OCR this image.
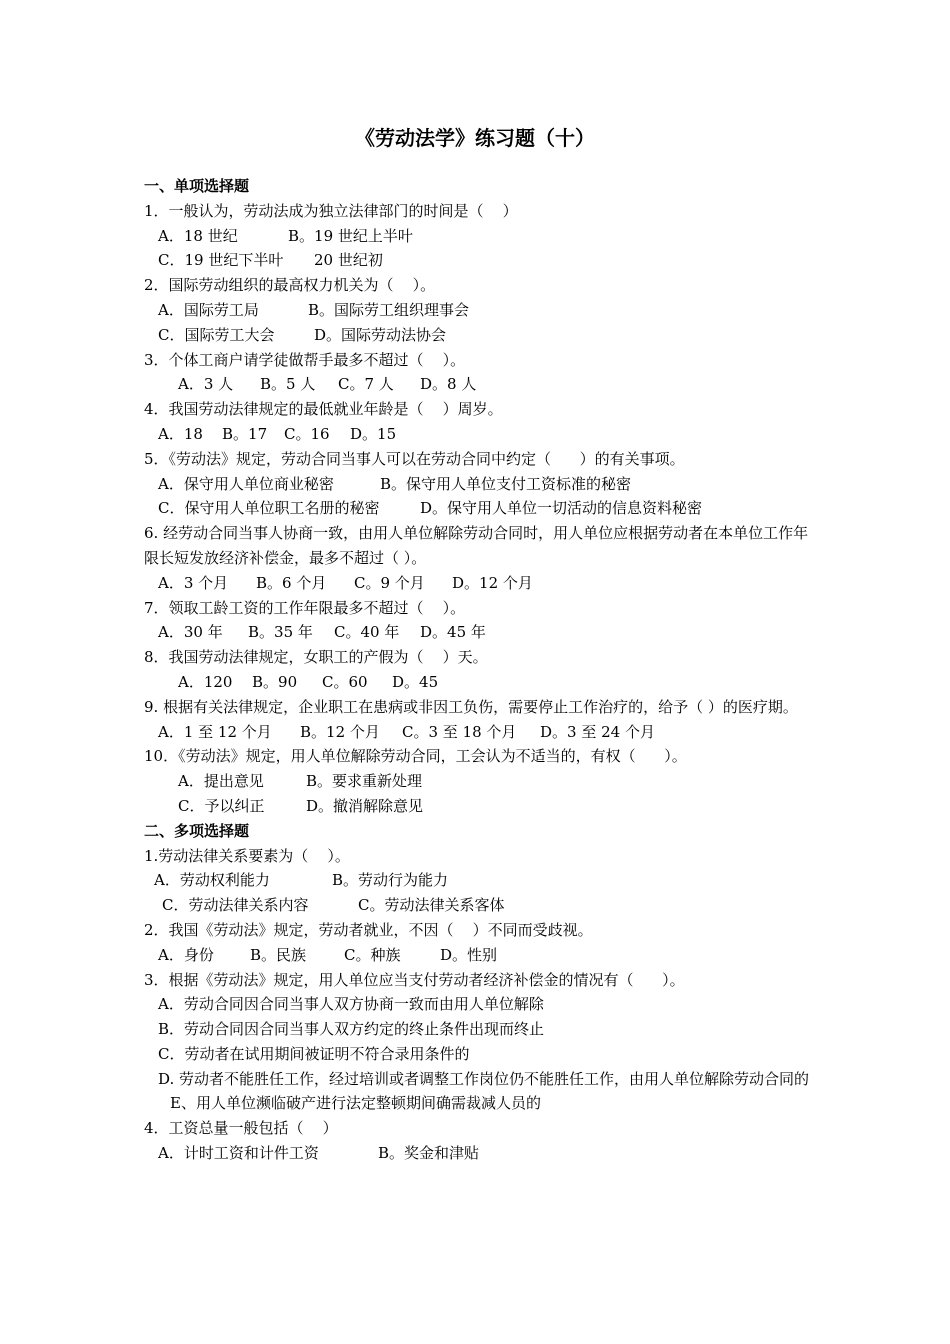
《劳动法学》练习题（十）
一、单项选择题
1．一般认为，劳动法成为独立法律部门的时间是（    ）
A．18 世纪	B。19 世纪上半叶
C．19 世纪下半叶 20 世纪初
2．国际劳动组织的最高权力机关为（    ）。
A．国际劳工局	B。国际劳工组织理事会
C．国际劳工大会	D。国际劳动法协会
3．个体工商户请学徒做帮手最多不超过（    ）。
A．3 人 B。5 人 C。7 人 D。8 人
4．我国劳动法律规定的最低就业年龄是（    ）周岁。
A．18 B。17 C。16 D。15
5．《劳动法》规定，劳动合同当事人可以在劳动合同中约定（      ）的有关事项。
A．保守用人单位商业秘密	B。保守用人单位支付工资标准的秘密
C．保守用人单位职工名册的秘密	D。保守用人单位一切活动的信息资料秘密
6. 经劳动合同当事人协商一致，由用人单位解除劳动合同时，用人单位应根据劳动者在本单位工作年限长短发放经济补偿金，最多不超过（ ）。
A．3 个月 B。6 个月 C。9 个月 D。12 个月
7．领取工龄工资的工作年限最多不超过（    ）。
A．30 年 B。35 年 C。40 年 D。45 年
8．我国劳动法律规定，女职工的产假为（    ）天。
A．120 B。90 C。60 D。45
9. 根据有关法律规定，企业职工在患病或非因工负伤，需要停止工作治疗的，给予（ ）的医疗期。
A．1 至 12 个月 B。12 个月 C。3 至 18 个月 D。3 至 24 个月
10．《劳动法》规定，用人单位解除劳动合同，工会认为不适当的，有权（      ）。
A．提出意见	B。要求重新处理
C．予以纠正	D。撤消解除意见
二、多项选择题
1.劳动法律关系要素为（    ）。
A．劳动权利能力	B。劳动行为能力
C．劳动法律关系内容	C。劳动法律关系客体
2．我国《劳动法》规定，劳动者就业，不因（    ）不同而受歧视。
A．身份 B。民族	C。种族	D。性别
3．根据《劳动法》规定，用人单位应当支付劳动者经济补偿金的情况有（      ）。
A．劳动合同因合同当事人双方协商一致而由用人单位解除
B．劳动合同因合同当事人双方约定的终止条件出现而终止
C．劳动者在试用期间被证明不符合录用条件的
D. 劳动者不能胜任工作，经过培训或者调整工作岗位仍不能胜任工作，由用人单位解除劳动合同的
E、用人单位濒临破产进行法定整顿期间确需裁减人员的
4．工资总量一般包括（    ）
A．计时工资和计件工资	B。奖金和津贴
